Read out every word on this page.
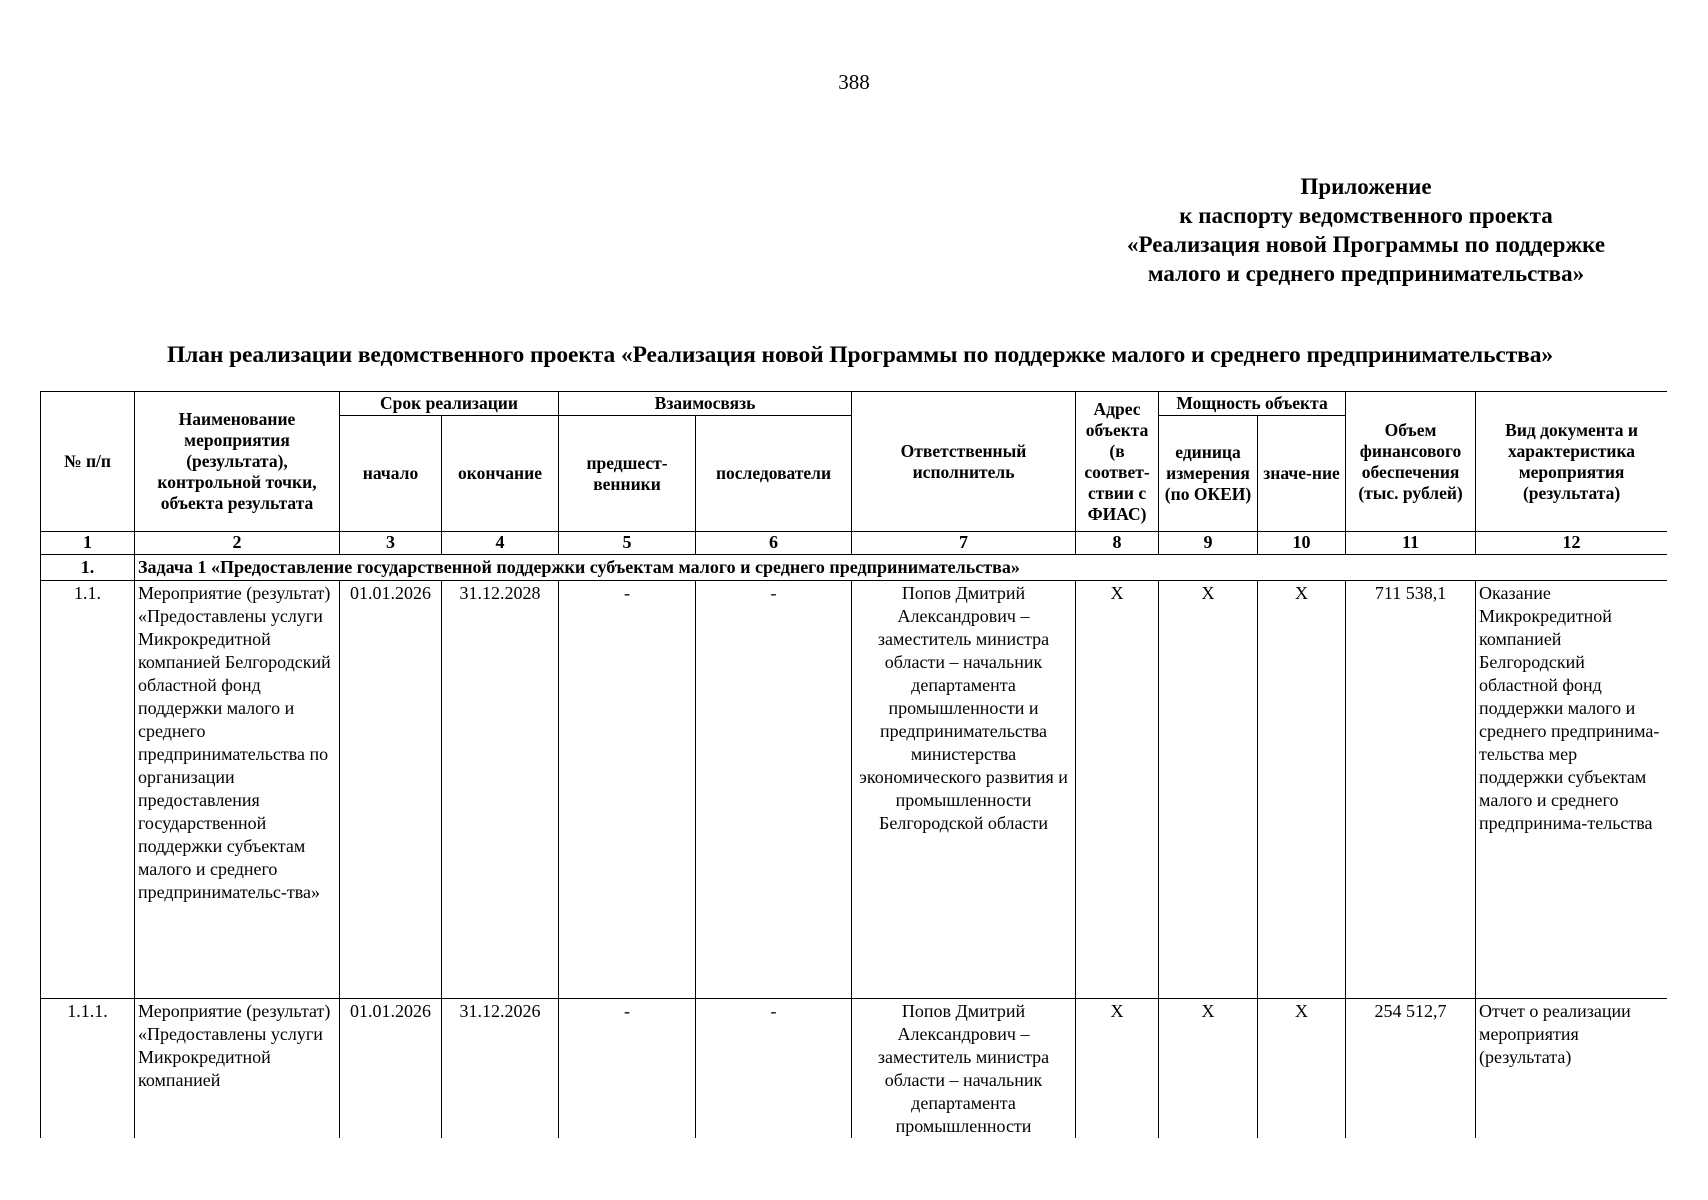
388
Приложение
к паспорту ведомственного проекта
«Реализация новой Программы по поддержке
малого и среднего предпринимательства»
План реализации ведомственного проекта «Реализация новой Программы по поддержке малого и среднего предпринимательства»
№ п/п	Наименование мероприятия (результата), контрольной точки, объекта результата	Срок реализации		Взаимосвязь		Ответственный исполнитель	Адрес объекта (в соответ-ствии с ФИАС)	Мощность объекта		Объем финансового обеспечения (тыс. рублей)	Вид документа и характеристика мероприятия (результата)
		начало	окончание	предшест-венники	последователи			единица измерения (по ОКЕИ)	значе-ние		
1	2	3	4	5	6	7	8	9	10	11	12
1.	Задача 1 «Предоставление государственной поддержки субъектам малого и среднего предпринимательства»										
1.1.	Мероприятие (результат) «Предоставлены услуги Микрокредитной компанией Белгородский областной фонд поддержки малого и среднего предпринимательства по организации предоставления государственной поддержки субъектам малого и среднего предпринимательс-тва»	01.01.2026	31.12.2028	-	-	Попов Дмитрий Александрович – заместитель министра области – начальник департамента промышленности и предпринимательства министерства экономического развития и промышленности Белгородской области	X	X	X	711 538,1	Оказание Микрокредитной компанией Белгородский областной фонд поддержки малого и среднего предпринима-тельства мер поддержки субъектам малого и среднего предпринима-тельства
1.1.1.	Мероприятие (результат) «Предоставлены услуги Микрокредитной компанией	01.01.2026	31.12.2026	-	-	Попов Дмитрий Александрович – заместитель министра области – начальник департамента промышленности	X	X	X	254 512,7	Отчет о реализации мероприятия (результата)
